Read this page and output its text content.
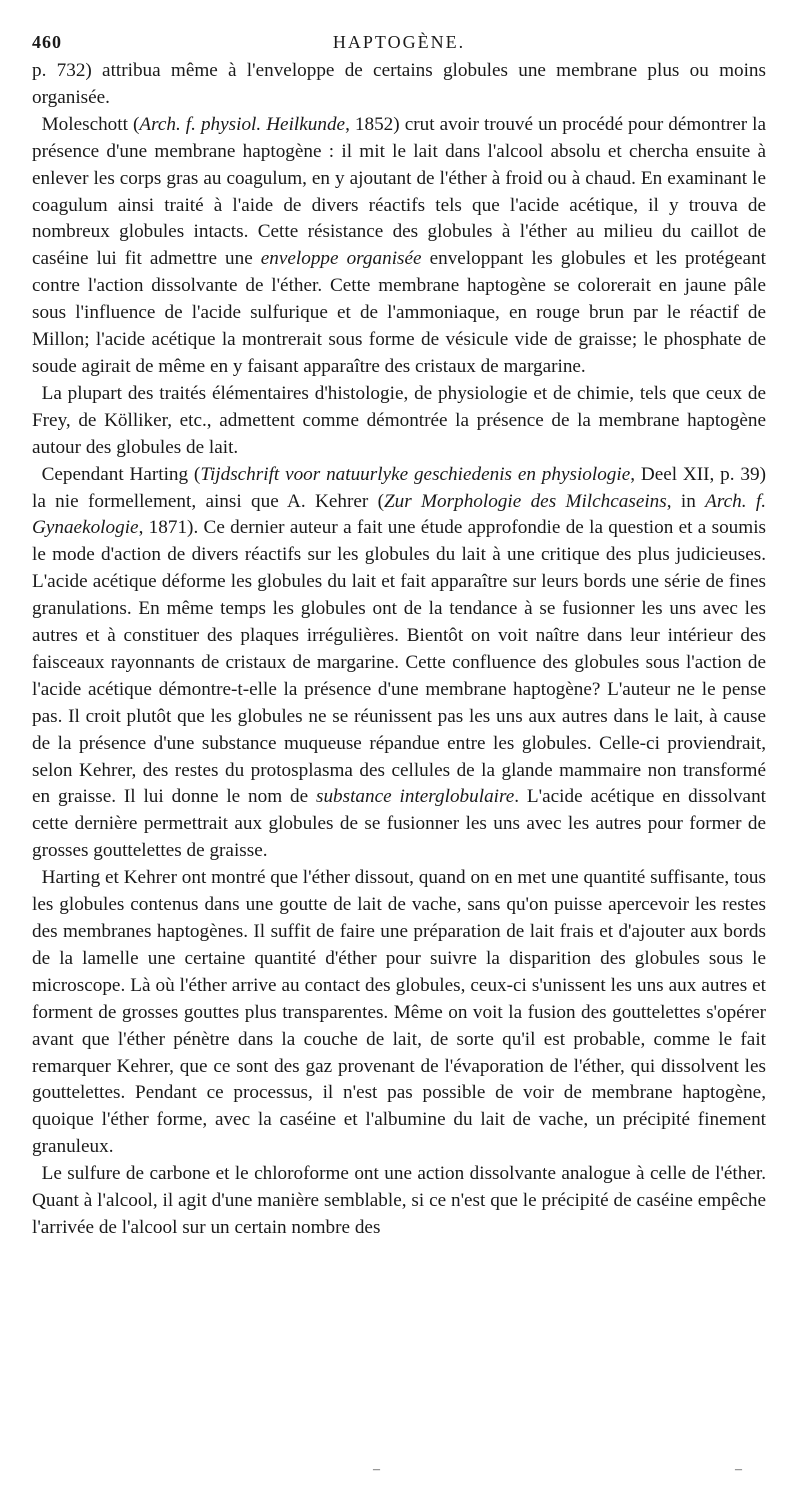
460	HAPTOGÈNE.

p. 732) attribua même à l'enveloppe de certains globules une membrane plus ou moins organisée.

Moleschott (Arch. f. physiol. Heilkunde, 1852) crut avoir trouvé un procédé pour démontrer la présence d'une membrane haptogène : il mit le lait dans l'alcool absolu et chercha ensuite à enlever les corps gras au coagulum, en y ajoutant de l'éther à froid ou à chaud. En examinant le coagulum ainsi traité à l'aide de divers réactifs tels que l'acide acétique, il y trouva de nombreux globules intacts. Cette résistance des globules à l'éther au milieu du caillot de caséine lui fit admettre une enveloppe organisée enveloppant les globules et les protégeant contre l'action dissolvante de l'éther. Cette membrane haptogène se colorerait en jaune pâle sous l'influence de l'acide sulfurique et de l'ammoniaque, en rouge brun par le réactif de Millon; l'acide acétique la montrerait sous forme de vésicule vide de graisse; le phosphate de soude agirait de même en y faisant apparaître des cristaux de margarine.

La plupart des traités élémentaires d'histologie, de physiologie et de chimie, tels que ceux de Frey, de Kölliker, etc., admettent comme démontrée la présence de la membrane haptogène autour des globules de lait.

Cependant Harting (Tijdschrift voor natuurlyke geschiedenis en physiologie, Deel XII, p. 39) la nie formellement, ainsi que A. Kehrer (Zur Morphologie des Milchcaseins, in Arch. f. Gynaekologie, 1871). Ce dernier auteur a fait une étude approfondie de la question et a soumis le mode d'action de divers réactifs sur les globules du lait à une critique des plus judicieuses. L'acide acétique déforme les globules du lait et fait apparaître sur leurs bords une série de fines granulations. En même temps les globules ont de la tendance à se fusionner les uns avec les autres et à constituer des plaques irrégulières. Bientôt on voit naître dans leur intérieur des faisceaux rayonnants de cristaux de margarine. Cette confluence des globules sous l'action de l'acide acétique démontre-t-elle la présence d'une membrane haptogène? L'auteur ne le pense pas. Il croit plutôt que les globules ne se réunissent pas les uns aux autres dans le lait, à cause de la présence d'une substance muqueuse répandue entre les globules. Celle-ci proviendrait, selon Kehrer, des restes du protosplasma des cellules de la glande mammaire non transformé en graisse. Il lui donne le nom de substance interglobulaire. L'acide acétique en dissolvant cette dernière permettrait aux globules de se fusionner les uns avec les autres pour former de grosses gouttelettes de graisse.

Harting et Kehrer ont montré que l'éther dissout, quand on en met une quantité suffisante, tous les globules contenus dans une goutte de lait de vache, sans qu'on puisse apercevoir les restes des membranes haptogènes. Il suffit de faire une préparation de lait frais et d'ajouter aux bords de la lamelle une certaine quantité d'éther pour suivre la disparition des globules sous le microscope. Là où l'éther arrive au contact des globules, ceux-ci s'unissent les uns aux autres et forment de grosses gouttes plus transparentes. Même on voit la fusion des gouttelettes s'opérer avant que l'éther pénètre dans la couche de lait, de sorte qu'il est probable, comme le fait remarquer Kehrer, que ce sont des gaz provenant de l'évaporation de l'éther, qui dissolvent les gouttelettes. Pendant ce processus, il n'est pas possible de voir de membrane haptogène, quoique l'éther forme, avec la caséine et l'albumine du lait de vache, un précipité finement granuleux.

Le sulfure de carbone et le chloroforme ont une action dissolvante analogue à celle de l'éther. Quant à l'alcool, il agit d'une manière semblable, si ce n'est que le précipité de caséine empêche l'arrivée de l'alcool sur un certain nombre des

‒	‒
